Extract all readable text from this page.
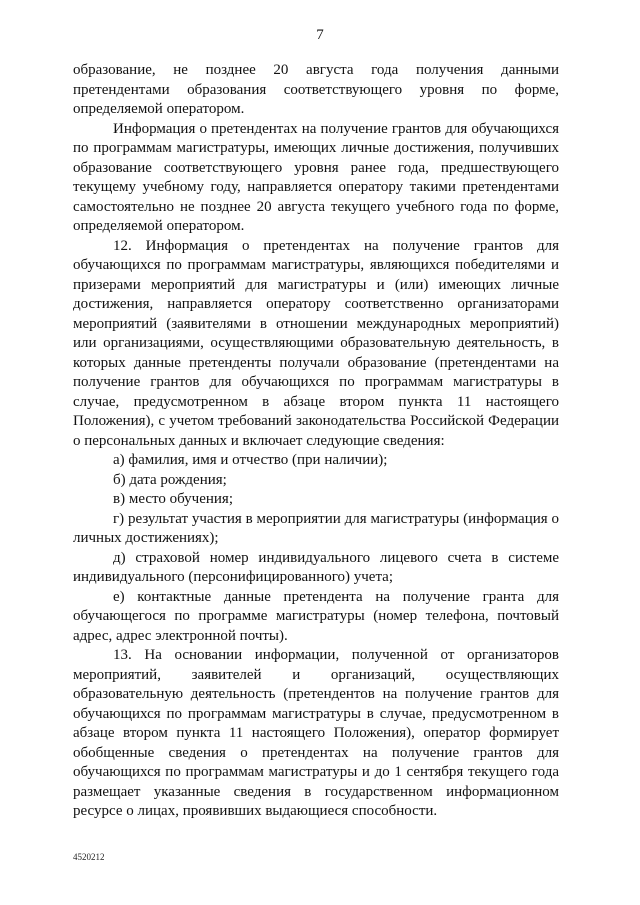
7

образование, не позднее 20 августа года получения данными претендентами образования соответствующего уровня по форме, определяемой оператором.

Информация о претендентах на получение грантов для обучающихся по программам магистратуры, имеющих личные достижения, получивших образование соответствующего уровня ранее года, предшествующего текущему учебному году, направляется оператору такими претендентами самостоятельно не позднее 20 августа текущего учебного года по форме, определяемой оператором.

12. Информация о претендентах на получение грантов для обучающихся по программам магистратуры, являющихся победителями и призерами мероприятий для магистратуры и (или) имеющих личные достижения, направляется оператору соответственно организаторами мероприятий (заявителями в отношении международных мероприятий) или организациями, осуществляющими образовательную деятельность, в которых данные претенденты получали образование (претендентами на получение грантов для обучающихся по программам магистратуры в случае, предусмотренном в абзаце втором пункта 11 настоящего Положения), с учетом требований законодательства Российской Федерации о персональных данных и включает следующие сведения:

а) фамилия, имя и отчество (при наличии);

б) дата рождения;

в) место обучения;

г) результат участия в мероприятии для магистратуры (информация о личных достижениях);

д) страховой номер индивидуального лицевого счета в системе индивидуального (персонифицированного) учета;

е) контактные данные претендента на получение гранта для обучающегося по программе магистратуры (номер телефона, почтовый адрес, адрес электронной почты).

13. На основании информации, полученной от организаторов мероприятий, заявителей и организаций, осуществляющих образовательную деятельность (претендентов на получение грантов для обучающихся по программам магистратуры в случае, предусмотренном в абзаце втором пункта 11 настоящего Положения), оператор формирует обобщенные сведения о претендентах на получение грантов для обучающихся по программам магистратуры и до 1 сентября текущего года размещает указанные сведения в государственном информационном ресурсе о лицах, проявивших выдающиеся способности.

4520212
